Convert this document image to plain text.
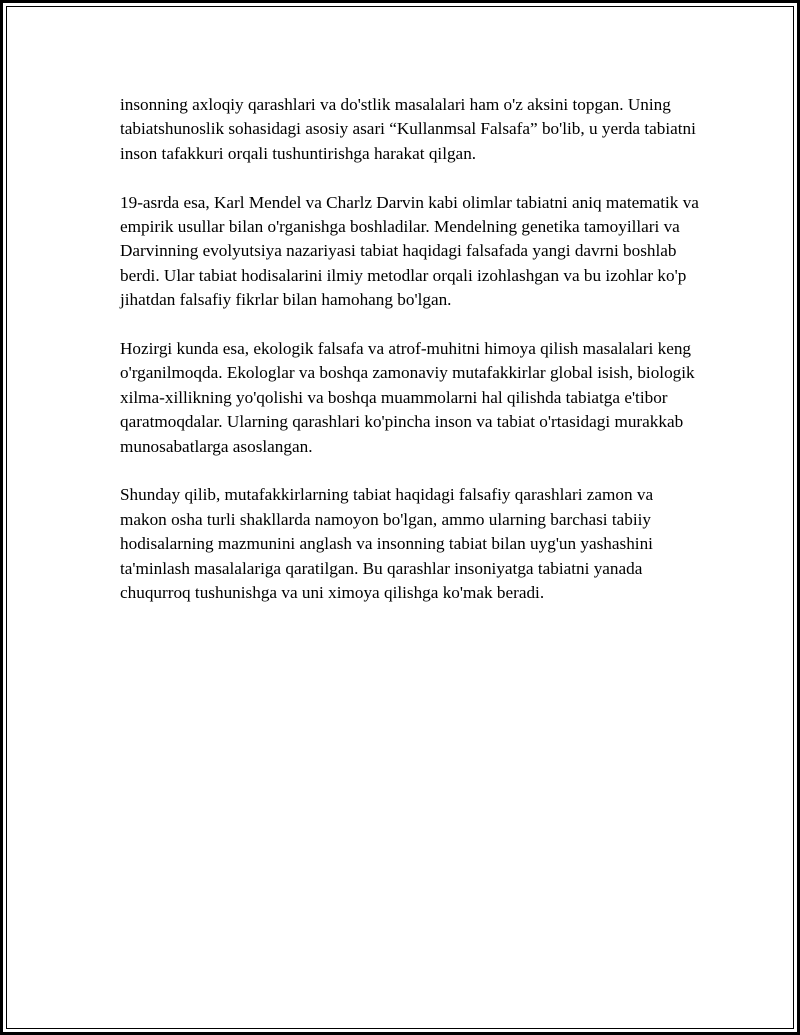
insonning axloqiy qarashlari va do'stlik masalalari ham o'z aksini topgan. Uning tabiatshunoslik sohasidagi asosiy asari “Kullanmsal Falsafa” bo'lib, u yerda tabiatni inson tafakkuri orqali tushuntirishga harakat qilgan.

19-asrda esa, Karl Mendel va Charlz Darvin kabi olimlar tabiatni aniq matematik va empirik usullar bilan o'rganishga boshladilar. Mendelning genetika tamoyillari va Darvinning evolyutsiya nazariyasi tabiat haqidagi falsafada yangi davrni boshlab berdi. Ular tabiat hodisalarini ilmiy metodlar orqali izohlashgan va bu izohlar ko'p jihatdan falsafiy fikrlar bilan hamohang bo'lgan.

Hozirgi kunda esa, ekologik falsafa va atrof-muhitni himoya qilish masalalari keng o'rganilmoqda. Ekologlar va boshqa zamonaviy mutafakkirlar global isish, biologik xilma-xillikning yo'qolishi va boshqa muammolarni hal qilishda tabiatga e'tibor qaratmoqdalar. Ularning qarashlari ko'pincha inson va tabiat o'rtasidagi murakkab munosabatlarga asoslangan.

Shunday qilib, mutafakkirlarning tabiat haqidagi falsafiy qarashlari zamon va makon osha turli shakllarda namoyon bo'lgan, ammo ularning barchasi tabiiy hodisalarning mazmunini anglash va insonning tabiat bilan uyg'un yashashini ta'minlash masalalariga qaratilgan. Bu qarashlar insoniyatga tabiatni yanada chuqurroq tushunishga va uni ximoya qilishga ko'mak beradi.
